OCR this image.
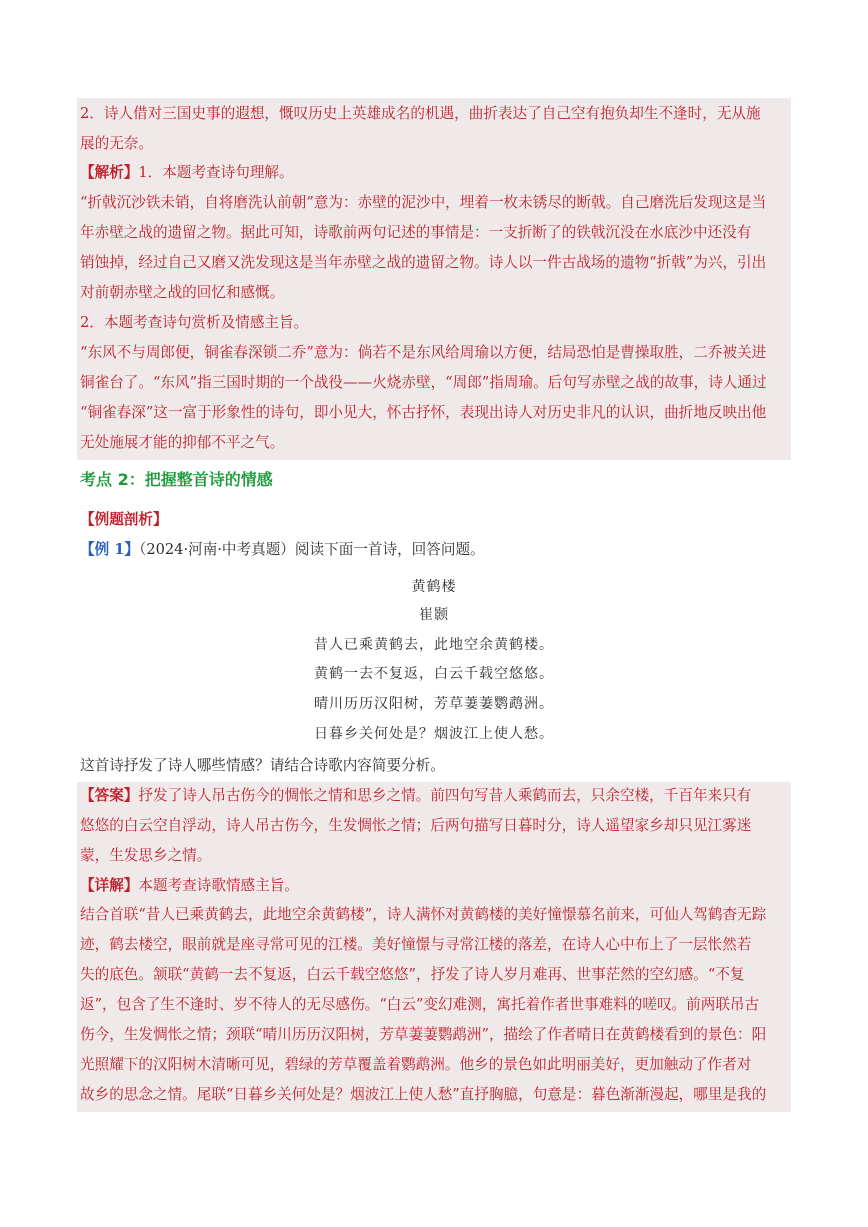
2．诗人借对三国史事的遐想，慨叹历史上英雄成名的机遇，曲折表达了自己空有抱负却生不逢时，无从施
展的无奈。
【解析】1．本题考查诗句理解。
“折戟沉沙铁未销，自将磨洗认前朝”意为：赤壁的泥沙中，埋着一枚未锈尽的断戟。自己磨洗后发现这是当
年赤壁之战的遗留之物。据此可知，诗歌前两句记述的事情是：一支折断了的铁戟沉没在水底沙中还没有
销蚀掉，经过自己又磨又洗发现这是当年赤壁之战的遗留之物。诗人以一件古战场的遗物“折戟”为兴，引出
对前朝赤壁之战的回忆和感慨。
2．本题考查诗句赏析及情感主旨。
“东风不与周郎便，铜雀春深锁二乔”意为：倘若不是东风给周瑜以方便，结局恐怕是曹操取胜，二乔被关进
铜雀台了。“东风”指三国时期的一个战役——火烧赤壁，“周郎”指周瑜。后句写赤壁之战的故事，诗人通过
“铜雀春深”这一富于形象性的诗句，即小见大，怀古抒怀，表现出诗人对历史非凡的认识，曲折地反映出他
无处施展才能的抑郁不平之气。
考点 2：把握整首诗的情感
【例题剖析】
【例 1】（2024·河南·中考真题）阅读下面一首诗，回答问题。
黄鹤楼
崔颢
昔人已乘黄鹤去，此地空余黄鹤楼。
黄鹤一去不复返，白云千载空悠悠。
晴川历历汉阳树，芳草萋萋鹦鹉洲。
日暮乡关何处是？烟波江上使人愁。
这首诗抒发了诗人哪些情感？请结合诗歌内容简要分析。
【答案】抒发了诗人吊古伤今的惆怅之情和思乡之情。前四句写昔人乘鹤而去，只余空楼，千百年来只有
悠悠的白云空自浮动，诗人吊古伤今，生发惆怅之情；后两句描写日暮时分，诗人遥望家乡却只见江雾迷
蒙，生发思乡之情。
【详解】本题考查诗歌情感主旨。
结合首联“昔人已乘黄鹤去，此地空余黄鹤楼”，诗人满怀对黄鹤楼的美好憧憬慕名前来，可仙人驾鹤杳无踪
迹，鹤去楼空，眼前就是座寻常可见的江楼。美好憧憬与寻常江楼的落差，在诗人心中布上了一层怅然若
失的底色。颔联“黄鹤一去不复返，白云千载空悠悠”，抒发了诗人岁月难再、世事茫然的空幻感。“不复
返”，包含了生不逢时、岁不待人的无尽感伤。“白云”变幻难测，寓托着作者世事难料的嗟叹。前两联吊古
伤今，生发惆怅之情；颈联“晴川历历汉阳树，芳草萋萋鹦鹉洲”，描绘了作者晴日在黄鹤楼看到的景色：阳
光照耀下的汉阳树木清晰可见，碧绿的芳草覆盖着鹦鹉洲。他乡的景色如此明丽美好，更加触动了作者对
故乡的思念之情。尾联“日暮乡关何处是？烟波江上使人愁”直抒胸臆，句意是：暮色渐渐漫起，哪里是我的
